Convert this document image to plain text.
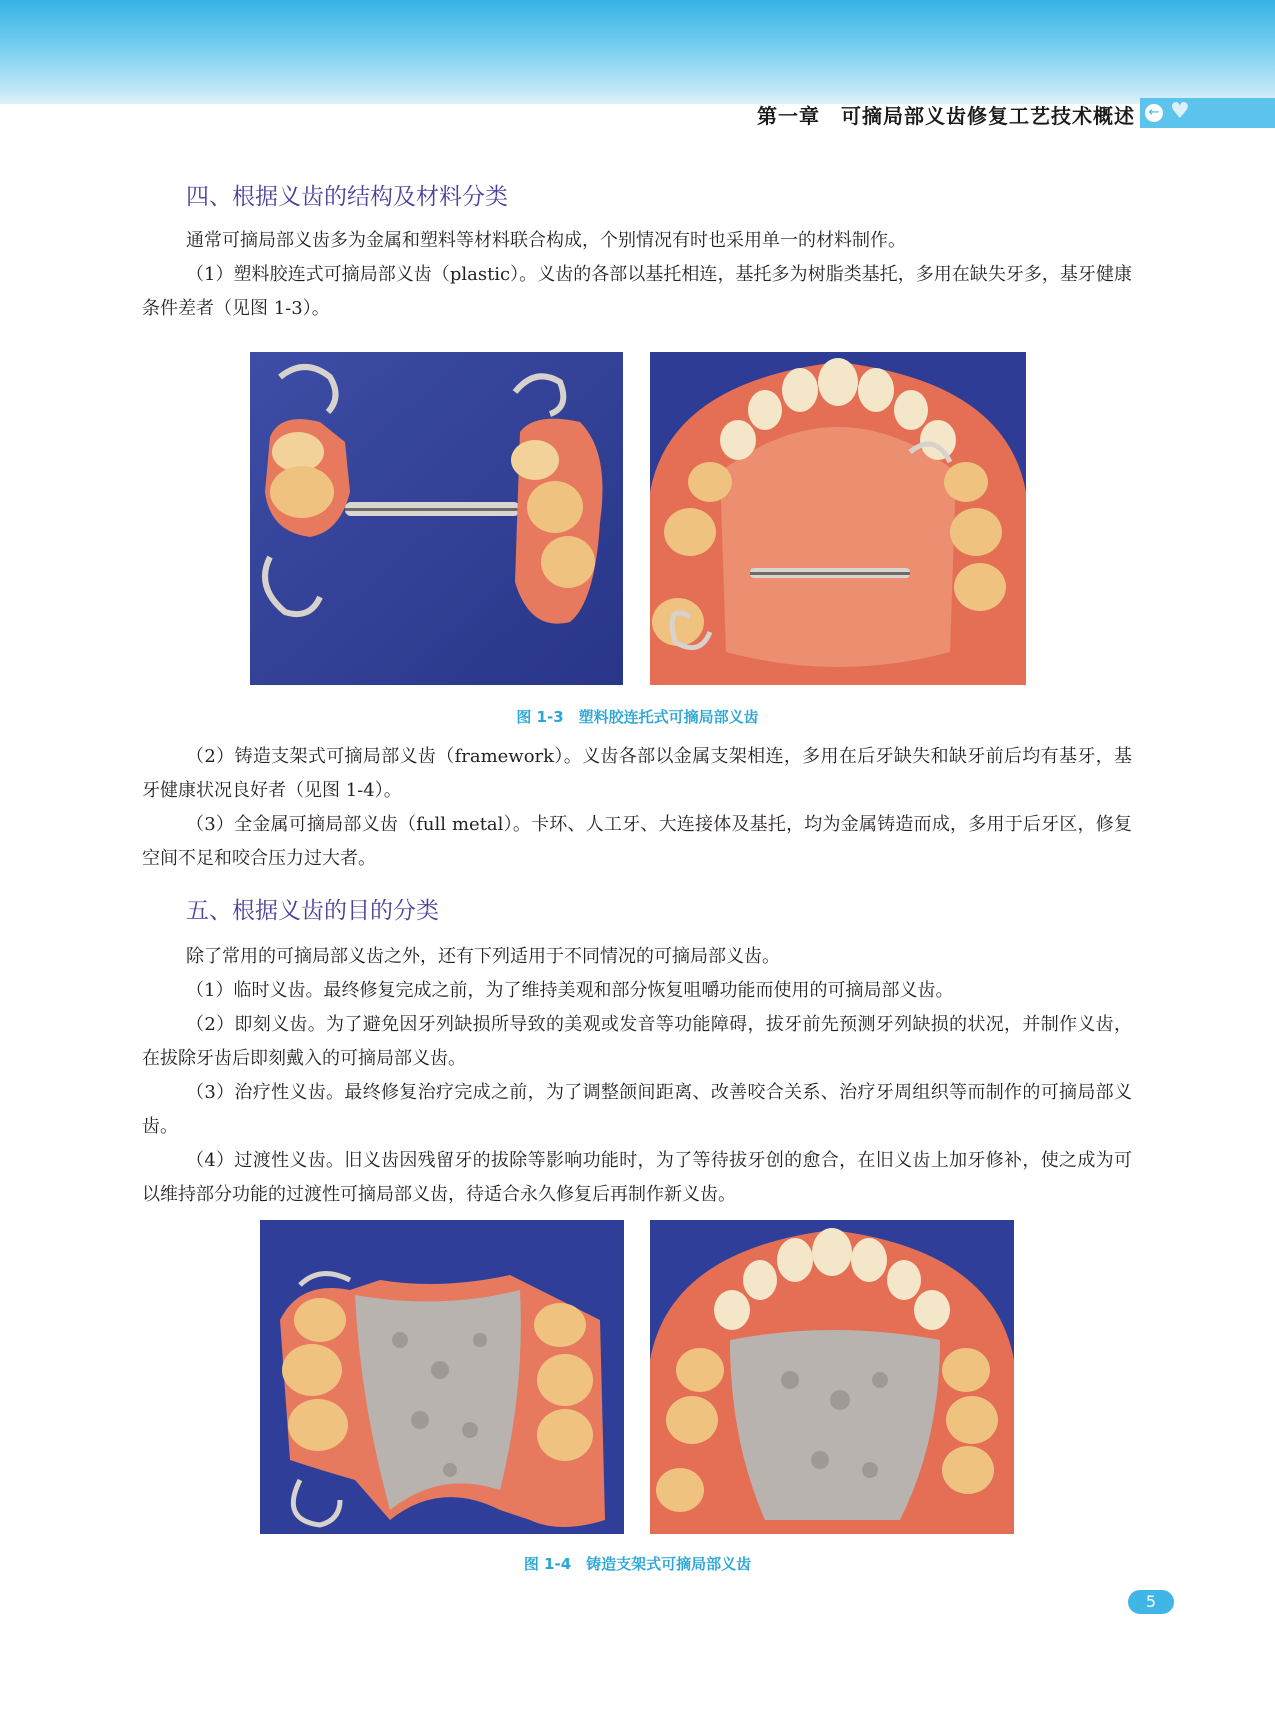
第一章　可摘局部义齿修复工艺技术概述 ← ♥
四、根据义齿的结构及材料分类
通常可摘局部义齿多为金属和塑料等材料联合构成，个别情况有时也采用单一的材料制作。
（1）塑料胶连式可摘局部义齿（plastic）。义齿的各部以基托相连，基托多为树脂类基托，多用在缺失牙多，基牙健康条件差者（见图 1-3）。
图 1-3　塑料胶连托式可摘局部义齿
（2）铸造支架式可摘局部义齿（framework）。义齿各部以金属支架相连，多用在后牙缺失和缺牙前后均有基牙，基牙健康状况良好者（见图 1-4）。
（3）全金属可摘局部义齿（full metal）。卡环、人工牙、大连接体及基托，均为金属铸造而成，多用于后牙区，修复空间不足和咬合压力过大者。
五、根据义齿的目的分类
除了常用的可摘局部义齿之外，还有下列适用于不同情况的可摘局部义齿。
（1）临时义齿。最终修复完成之前，为了维持美观和部分恢复咀嚼功能而使用的可摘局部义齿。
（2）即刻义齿。为了避免因牙列缺损所导致的美观或发音等功能障碍，拔牙前先预测牙列缺损的状况，并制作义齿，在拔除牙齿后即刻戴入的可摘局部义齿。
（3）治疗性义齿。最终修复治疗完成之前，为了调整颌间距离、改善咬合关系、治疗牙周组织等而制作的可摘局部义齿。
（4）过渡性义齿。旧义齿因残留牙的拔除等影响功能时，为了等待拔牙创的愈合，在旧义齿上加牙修补，使之成为可以维持部分功能的过渡性可摘局部义齿，待适合永久修复后再制作新义齿。
图 1-4　铸造支架式可摘局部义齿
5
